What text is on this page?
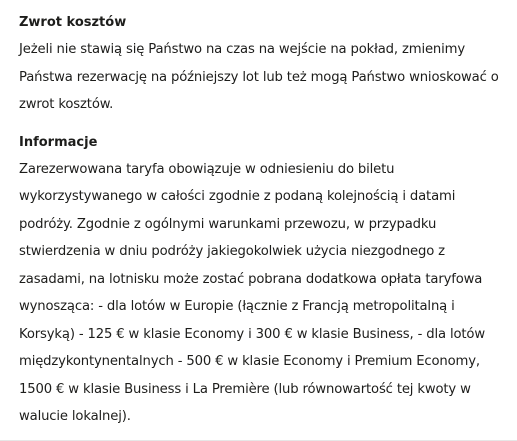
Zwrot kosztów

Jeżeli nie stawią się Państwo na czas na wejście na pokład, zmienimy Państwa rezerwację na późniejszy lot lub też mogą Państwo wnioskować o zwrot kosztów.

Informacje

Zarezerwowana taryfa obowiązuje w odniesieniu do biletu wykorzystywanego w całości zgodnie z podaną kolejnością i datami podróży. Zgodnie z ogólnymi warunkami przewozu, w przypadku stwierdzenia w dniu podróży jakiegokolwiek użycia niezgodnego z zasadami, na lotnisku może zostać pobrana dodatkowa opłata taryfowa wynosząca: - dla lotów w Europie (łącznie z Francją metropolitalną i Korsyką) - 125 € w klasie Economy i 300 € w klasie Business, - dla lotów międzykontynentalnych - 500 € w klasie Economy i Premium Economy, 1500 € w klasie Business i La Première (lub równowartość tej kwoty w walucie lokalnej).
